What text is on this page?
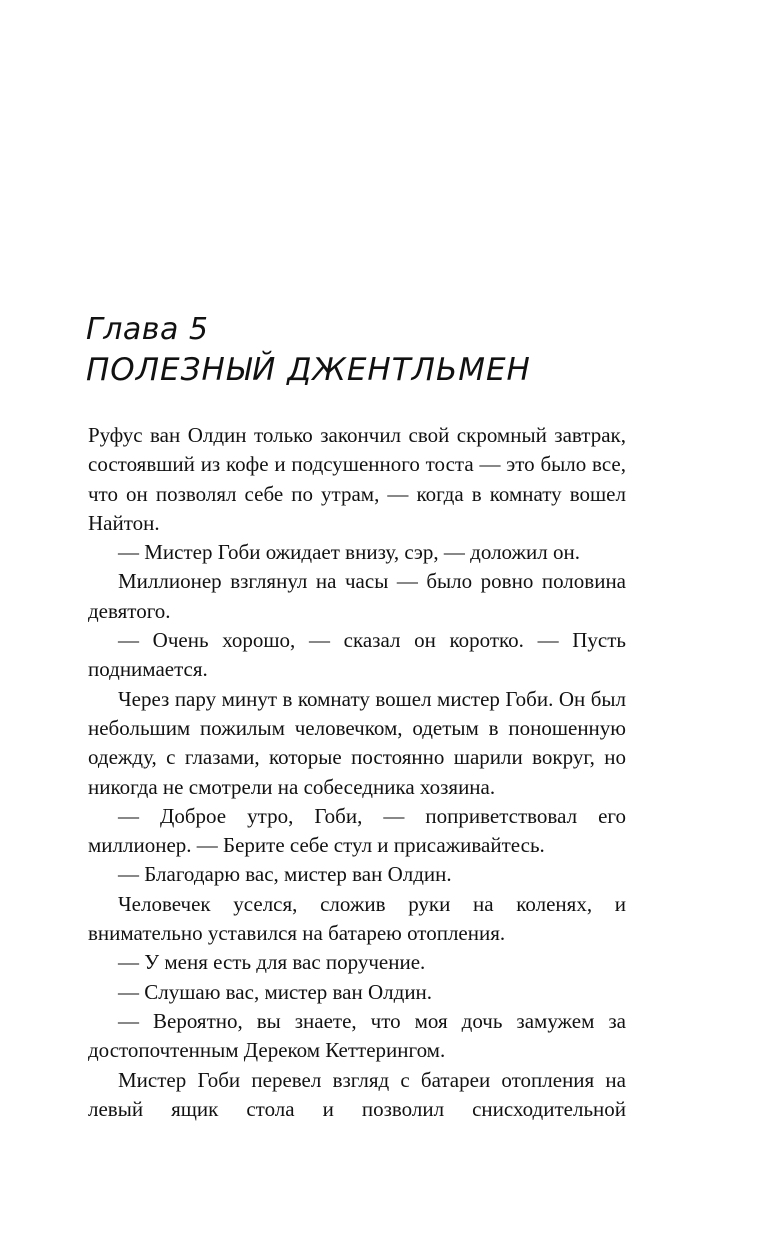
Глава 5
ПОЛЕЗНЫЙ ДЖЕНТЛЬМЕН

Руфус ван Олдин только закончил свой скромный завтрак, состоявший из кофе и подсушенного тоста — это было все, что он позволял себе по утрам, — когда в комнату вошел Найтон.

— Мистер Гоби ожидает внизу, сэр, — доложил он.

Миллионер взглянул на часы — было ровно половина девятого.

— Очень хорошо, — сказал он коротко. — Пусть поднимается.

Через пару минут в комнату вошел мистер Гоби. Он был небольшим пожилым человечком, одетым в поношенную одежду, с глазами, которые постоянно шарили вокруг, но никогда не смотрели на собеседника хозяина.

— Доброе утро, Гоби, — поприветствовал его миллионер. — Берите себе стул и присаживайтесь.

— Благодарю вас, мистер ван Олдин.

Человечек уселся, сложив руки на коленях, и внимательно уставился на батарею отопления.

— У меня есть для вас поручение.

— Слушаю вас, мистер ван Олдин.

— Вероятно, вы знаете, что моя дочь замужем за достопочтенным Дереком Кеттерингом.

Мистер Гоби перевел взгляд с батареи отопления на левый ящик стола и позволил снисходительной
